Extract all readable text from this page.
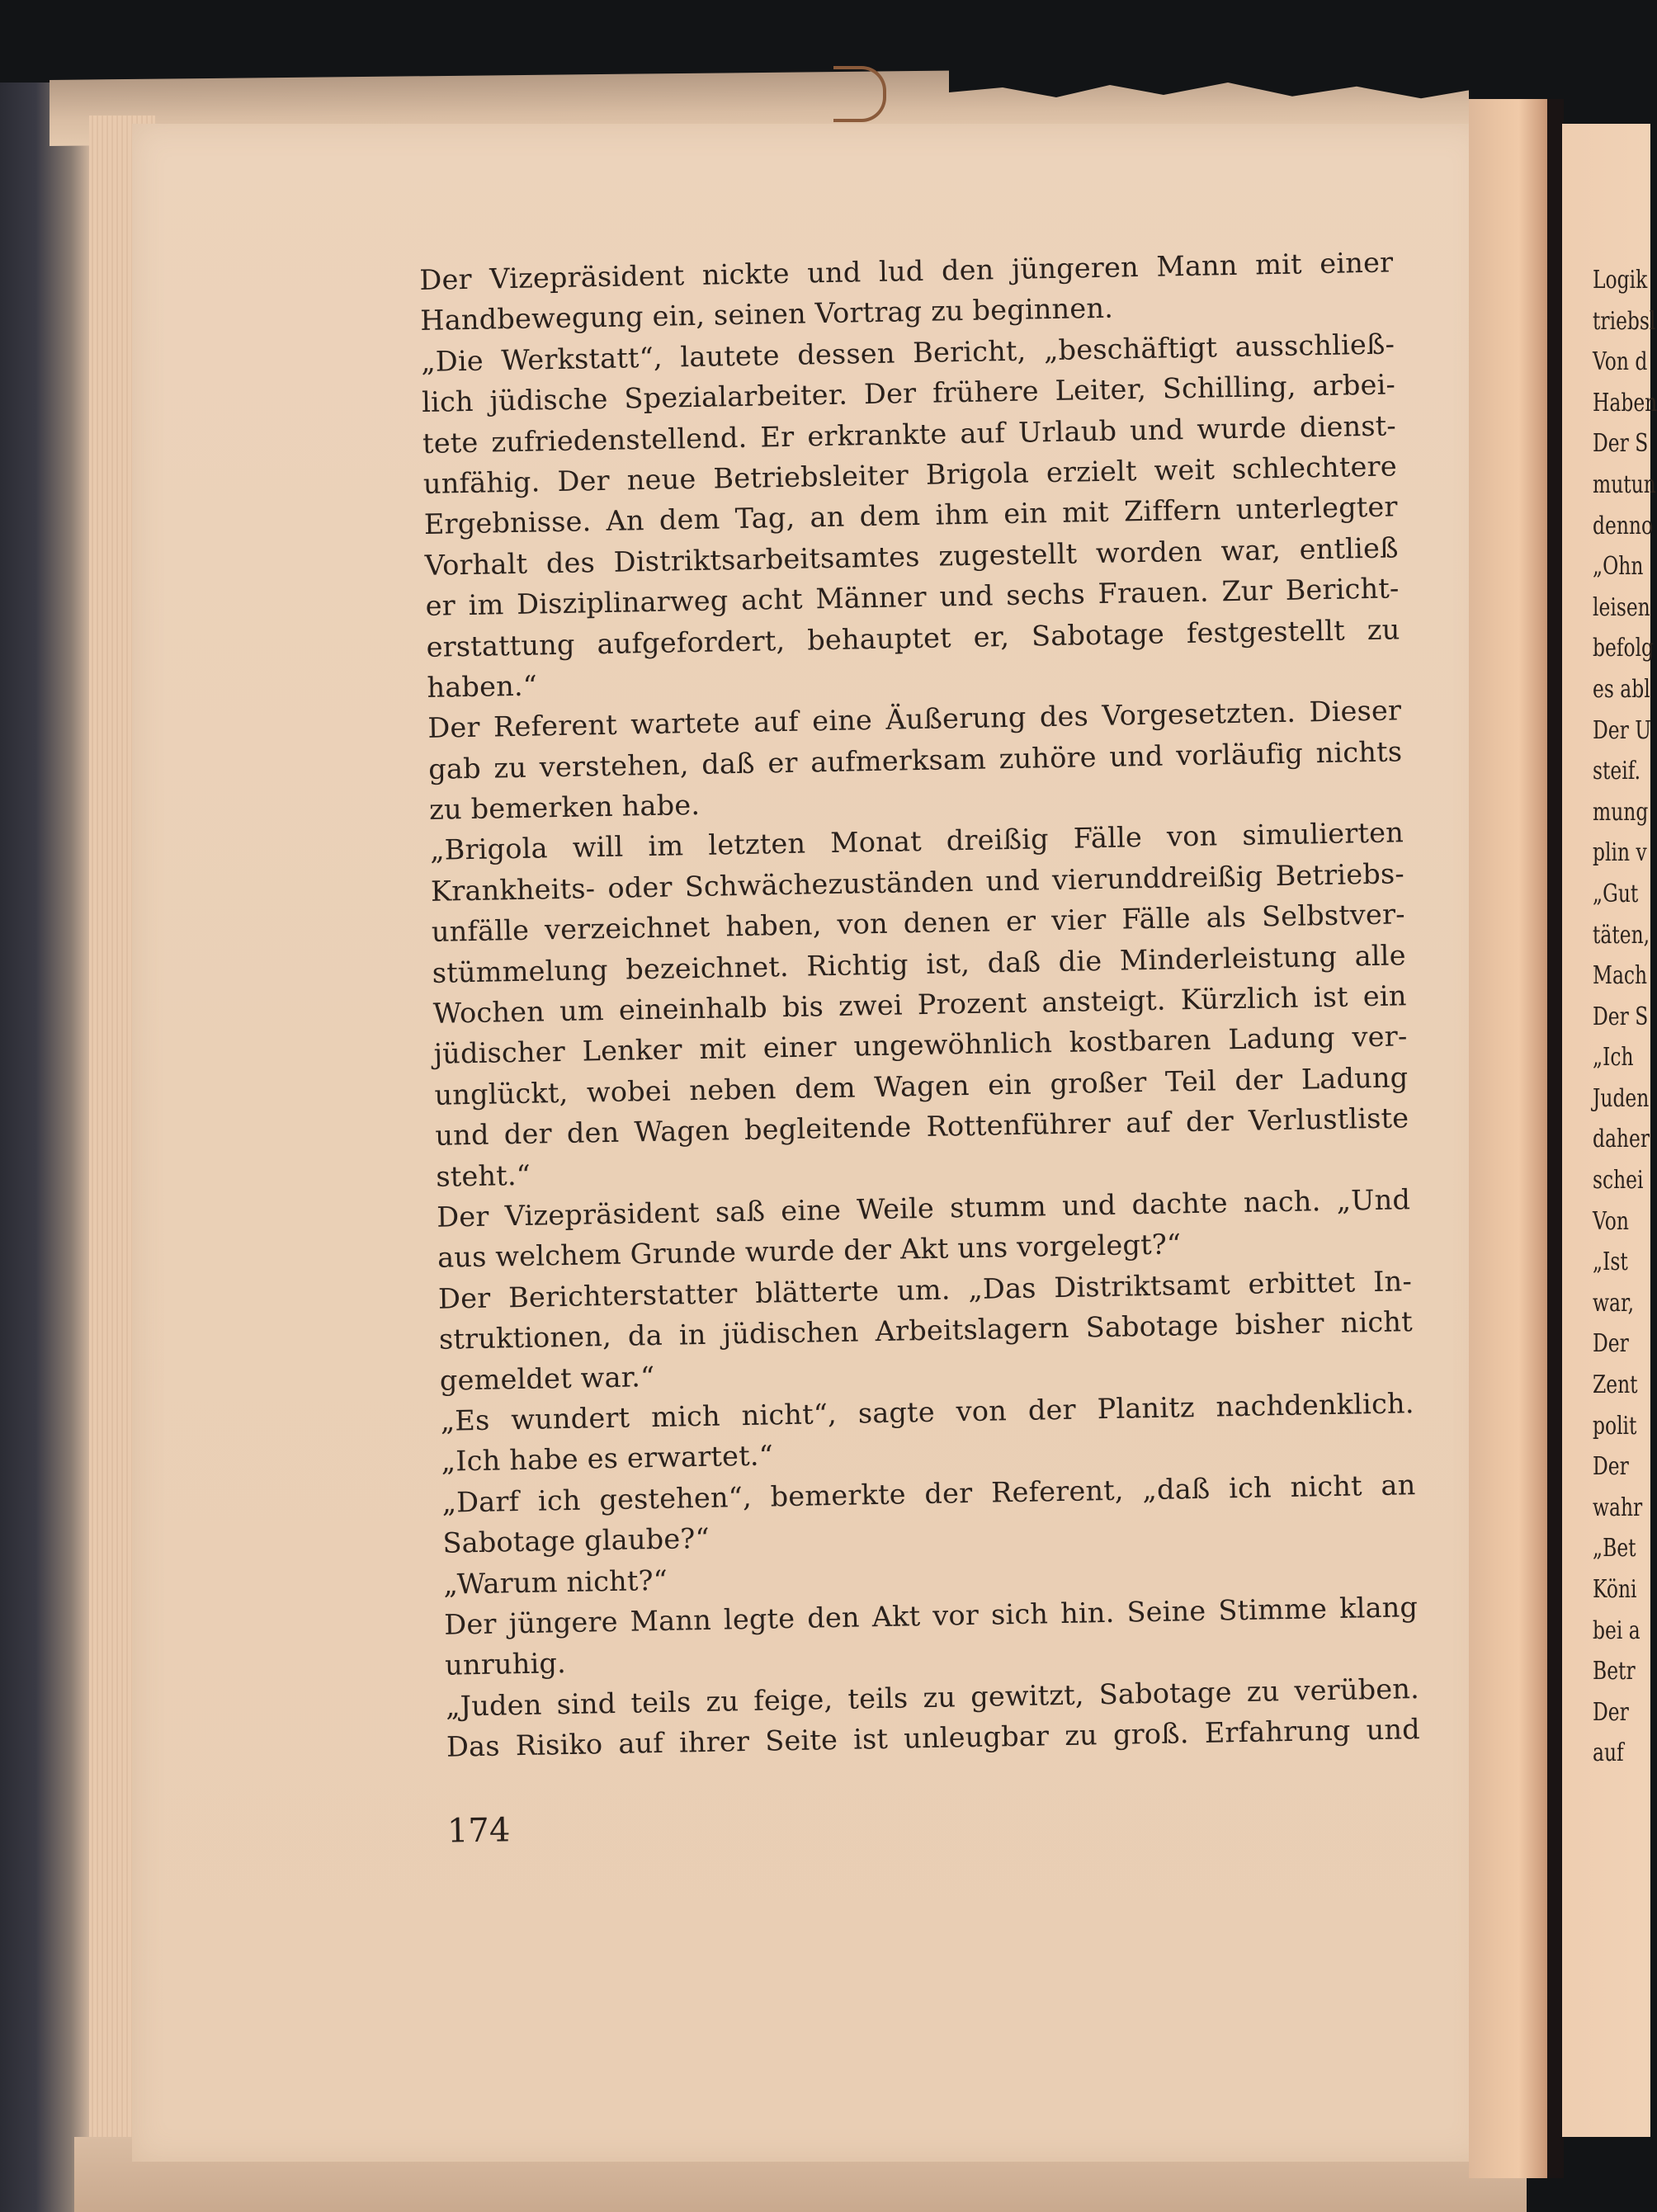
Der Vizepräsident nickte und lud den jüngeren Mann mit einer
Handbewegung ein, seinen Vortrag zu beginnen.
„Die Werkstatt“, lautete dessen Bericht, „beschäftigt ausschließ-
lich jüdische Spezialarbeiter. Der frühere Leiter, Schilling, arbei-
tete zufriedenstellend. Er erkrankte auf Urlaub und wurde dienst-
unfähig. Der neue Betriebsleiter Brigola erzielt weit schlechtere
Ergebnisse. An dem Tag, an dem ihm ein mit Ziffern unterlegter
Vorhalt des Distriktsarbeitsamtes zugestellt worden war, entließ
er im Disziplinarweg acht Männer und sechs Frauen. Zur Bericht-
erstattung aufgefordert, behauptet er, Sabotage festgestellt zu
haben.“
Der Referent wartete auf eine Äußerung des Vorgesetzten. Dieser
gab zu verstehen, daß er aufmerksam zuhöre und vorläufig nichts
zu bemerken habe.
„Brigola will im letzten Monat dreißig Fälle von simulierten
Krankheits- oder Schwächezuständen und vierunddreißig Betriebs-
unfälle verzeichnet haben, von denen er vier Fälle als Selbstver-
stümmelung bezeichnet. Richtig ist, daß die Minderleistung alle
Wochen um eineinhalb bis zwei Prozent ansteigt. Kürzlich ist ein
jüdischer Lenker mit einer ungewöhnlich kostbaren Ladung ver-
unglückt, wobei neben dem Wagen ein großer Teil der Ladung
und der den Wagen begleitende Rottenführer auf der Verlustliste
steht.“
Der Vizepräsident saß eine Weile stumm und dachte nach. „Und
aus welchem Grunde wurde der Akt uns vorgelegt?“
Der Berichterstatter blätterte um. „Das Distriktsamt erbittet In-
struktionen, da in jüdischen Arbeitslagern Sabotage bisher nicht
gemeldet war.“
„Es wundert mich nicht“, sagte von der Planitz nachdenklich.
„Ich habe es erwartet.“
„Darf ich gestehen“, bemerkte der Referent, „daß ich nicht an
Sabotage glaube?“
„Warum nicht?“
Der jüngere Mann legte den Akt vor sich hin. Seine Stimme klang
unruhig.
„Juden sind teils zu feige, teils zu gewitzt, Sabotage zu verüben.
Das Risiko auf ihrer Seite ist unleugbar zu groß. Erfahrung und
174
Logik
triebsl
Von d
Haben
Der S
mutun
denno
„Ohn
leisen
befolg
es abl
Der U
steif.
mung
plin v
„Gut
täten,
Mach
Der S
„Ich
Juden
daher
schei
Von
„Ist
war,
Der
Zent
polit
Der
wahr
„Bet
Köni
bei a
Betr
Der
auf
